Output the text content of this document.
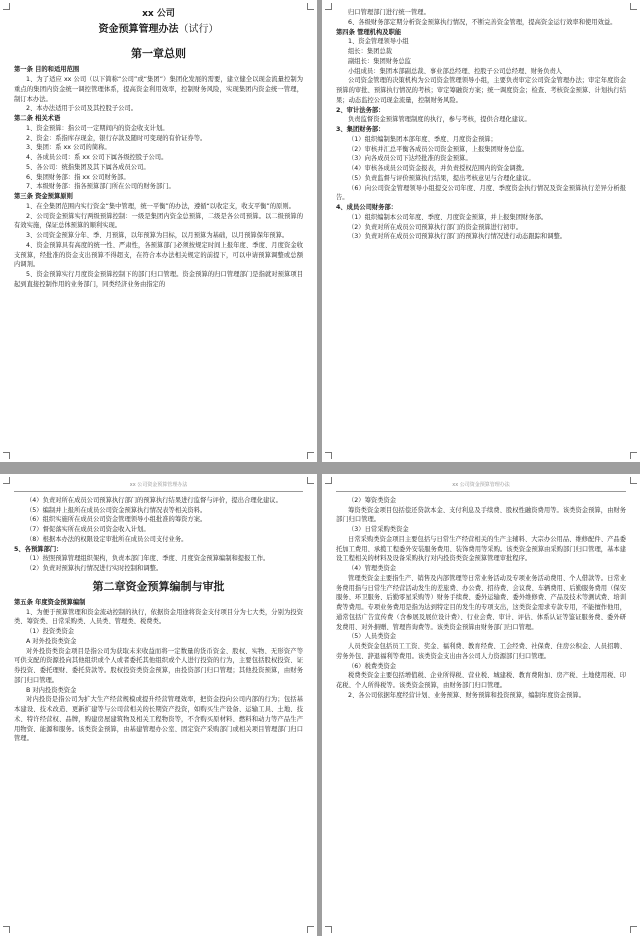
xx 公司
资金预算管理办法（试行）
第一章总则
第一条 目的和适用范围

1、为了适应 xx 公司（以下简称“公司”或“集团”）集团化发展的需要，建立健全以现金流量控制为重点的集团内资金统一调控管理体系，提高资金利用效率，控制财务风险，实现集团内资金统一管理，制订本办法。

2、本办法适用于公司及其控股子公司。

第二条 相关术语

1、资金预算：指公司一定期间内的资金收支计划。

2、资金：系指库存现金，银行存款及随时可变现的有价证券等。

3、集团：系 xx 公司的简称。

4、各成员公司：系 xx 公司下属各级控股子公司。

5、各公司：统指集团及其下属各成员公司。

6、集团财务部：指 xx 公司财务部。

7、本级财务部：指各预算部门所在公司的财务部门。

第三条 资金预算原则

1、在全集团范围内实行资金“集中管理，统一平衡”的办法，遵循“以收定支，收支平衡”的原则。

2、公司资金预算实行两级预算控制：一级是集团内资金总预算，二级是各公司预算。以二级预算的有效实施，保证总体预算的顺利实现。

3、公司资金预算分年、季、月预算，以年预算为目标，以月预算为基础，以月预算保年预算。

4、资金预算具有高度的统一性、严肃性，各预算部门必须按规定时间上报年度、季度、月度资金收支预算，经批准的资金支出预算不得超支，在符合本办法相关规定的前提下，可以申请预算调整或总额内调剂。

5、资金预算实行月度资金预算控制下的部门归口管理。资金预算的归口管理部门是指就对预算项目起到直接控制作用的业务部门，同类经济业务由指定的

归口管理部门进行统一管理。

6、各级财务部定期分析资金预算执行情况，不断完善资金管理，提高资金运行效率和使用效益。

第四条 管理机构及职能

1、资金管理领导小组

组长：集团总裁

副组长：集团财务总监

小组成员：集团本部副总裁、事业部总经理、控股子公司总经理、财务负责人

公司资金管理的决策机构为公司资金管理领导小组，主要负责审定公司资金管理办法；审定年度资金预算的审批、预算执行情况的考核；审定筹融资方案；统一调度资金；检查、考核资金预算、计划执行结果；动态监控公司现金流量，控制财务风险。

2、审计法务部：

负责监督资金预算管理制度的执行，参与考核，提供合理化建议。

3、集团财务部：

（1）组织编制集团本部年度、季度、月度资金预算；

（2）审核并汇总平衡各成员公司资金预算，上报集团财务总监。

（3）向各成员公司下达经批准的资金预算。

（4）审核各成员公司资金报表，并负责授权范围内的资金调拨。

（5）负责监督与评价预算执行结果，提出考核意见与合理化建议。

（6）向公司资金管理领导小组提交公司年度、月度、季度资金执行情况及资金预算执行差异分析报告。

4、成员公司财务部：

（1）组织编制本公司年度、季度、月度资金预算，并上报集团财务部。

（2）负责对所在成员公司预算执行部门的资金预算进行初审。

（3）负责对所在成员公司预算执行部门的预算执行情况进行动态跟踪和调整。

xx 公司资金预算管理办法

（4）负责对所在成员公司预算执行部门的预算执行结果进行监督与评价，提出合理化建议。

（5）编制并上报所在成员公司资金预算执行情况表等相关资料。

（6）组织实施所在成员公司资金管理领导小组批准的筹资方案。

（7）督促落实所在成员公司资金收入计划。

（8）根据本办法的权限设定审批所在成员公司支付业务。

5、各预算部门：

（1）按照预算管理组织架构，负责本部门年度、季度、月度资金预算编制和提报工作。

（2）负责对预算执行情况进行实时控制和调整。

第二章资金预算编制与审批
第五条 年度资金预算编制

1、为便于预算管理和资金流动控制的执行，依据资金用途将资金支付项目分为七大类，分别为投资类、筹资类、日常采购类、人员类、管理类、税费类。

（1）投资类资金

A 对外投资类资金

对外投资类资金项目是指公司为获取未来收益而将一定数量的货币资金、股权、实物、无形资产等可供支配的资源投向其他组织或个人或者委托其他组织或个人进行投资的行为，主要包括股权投资、证券投资、委托理财、委托贷款等。股权投资类资金预算，由投资部门归口管理；其他投资预算，由财务部门归口管理。

B 对内投资类资金

对内投资是指公司为扩大生产经营规模或提升经营管理效率，把资金投向公司内部的行为；包括基本建设、技术改造、更新扩建等与公司营相关的长期资产投资，如购买生产设备、运输工具、土地、技术、特许经营权、品牌，购建房屋建筑物及相关工程物资等，不含购买原材料、燃料和动力等产品生产用物资、能源和服务。该类资金预算，由基建管理办公室、固定资产采购部门或相关项目管理部门归口管理。

xx 公司资金预算管理办法

（2）筹资类资金

筹资类资金项目包括偿还贷款本金、支付利息及手续费、股权性融资费用等。该类资金预算，由财务部门归口管理。

（3）日常采购类资金

日常采购类资金项目主要包括与日常生产经营相关的生产主辅料、大宗办公用品、维修配件、产品委托加工费用、承揽工程委外安装服务费用、装饰费用等采购。该类资金预算由采购部门归口管理，基本建设工程相关的材料及设备采购执行对内投资类资金预算管理审批程序。

（4）管理类资金

管理类资金主要指生产、销售及内部管理等日常业务活动及专项业务活动费用、个人借款等。日常业务费用指与日常生产经营活动发生的差旅费、办公费、招待费、会议费、车辆费用、后勤服务费用（保安服务、环卫服务、后勤零星采购等）财务手续费、委外运输费、委外维修费、产品及技术等测试费、培训费等费用。专项业务费用是指为达到特定目的发生的专项支出，这类资金需求专款专用，不能擅作他用，通常包括广告宣传费（含参展及展位设计费）、行业会费、审计、评估、体系认证等鉴证服务费、委外研发费用、对外捐赠、管理咨询费等。该类资金预算由财务部门归口管理。

（5）人员类资金

人员类资金包括员工工资、奖金、福利费、教育经费、工会经费、社保费、住房公积金、人员招聘、劳务外包、辞退福利等费用。该类资金支出由各公司人力资源部门归口管理。

（6）税费类资金

税费类资金主要包括增值税、企业所得税、营业税、城建税、教育费附加、房产税、土地使用税、印花税、个人所得税等。该类资金预算，由财务部门归口管理。

2、各公司依据年度经营计划、业务预算、财务预算和投资预算，编制年度资金预算。
